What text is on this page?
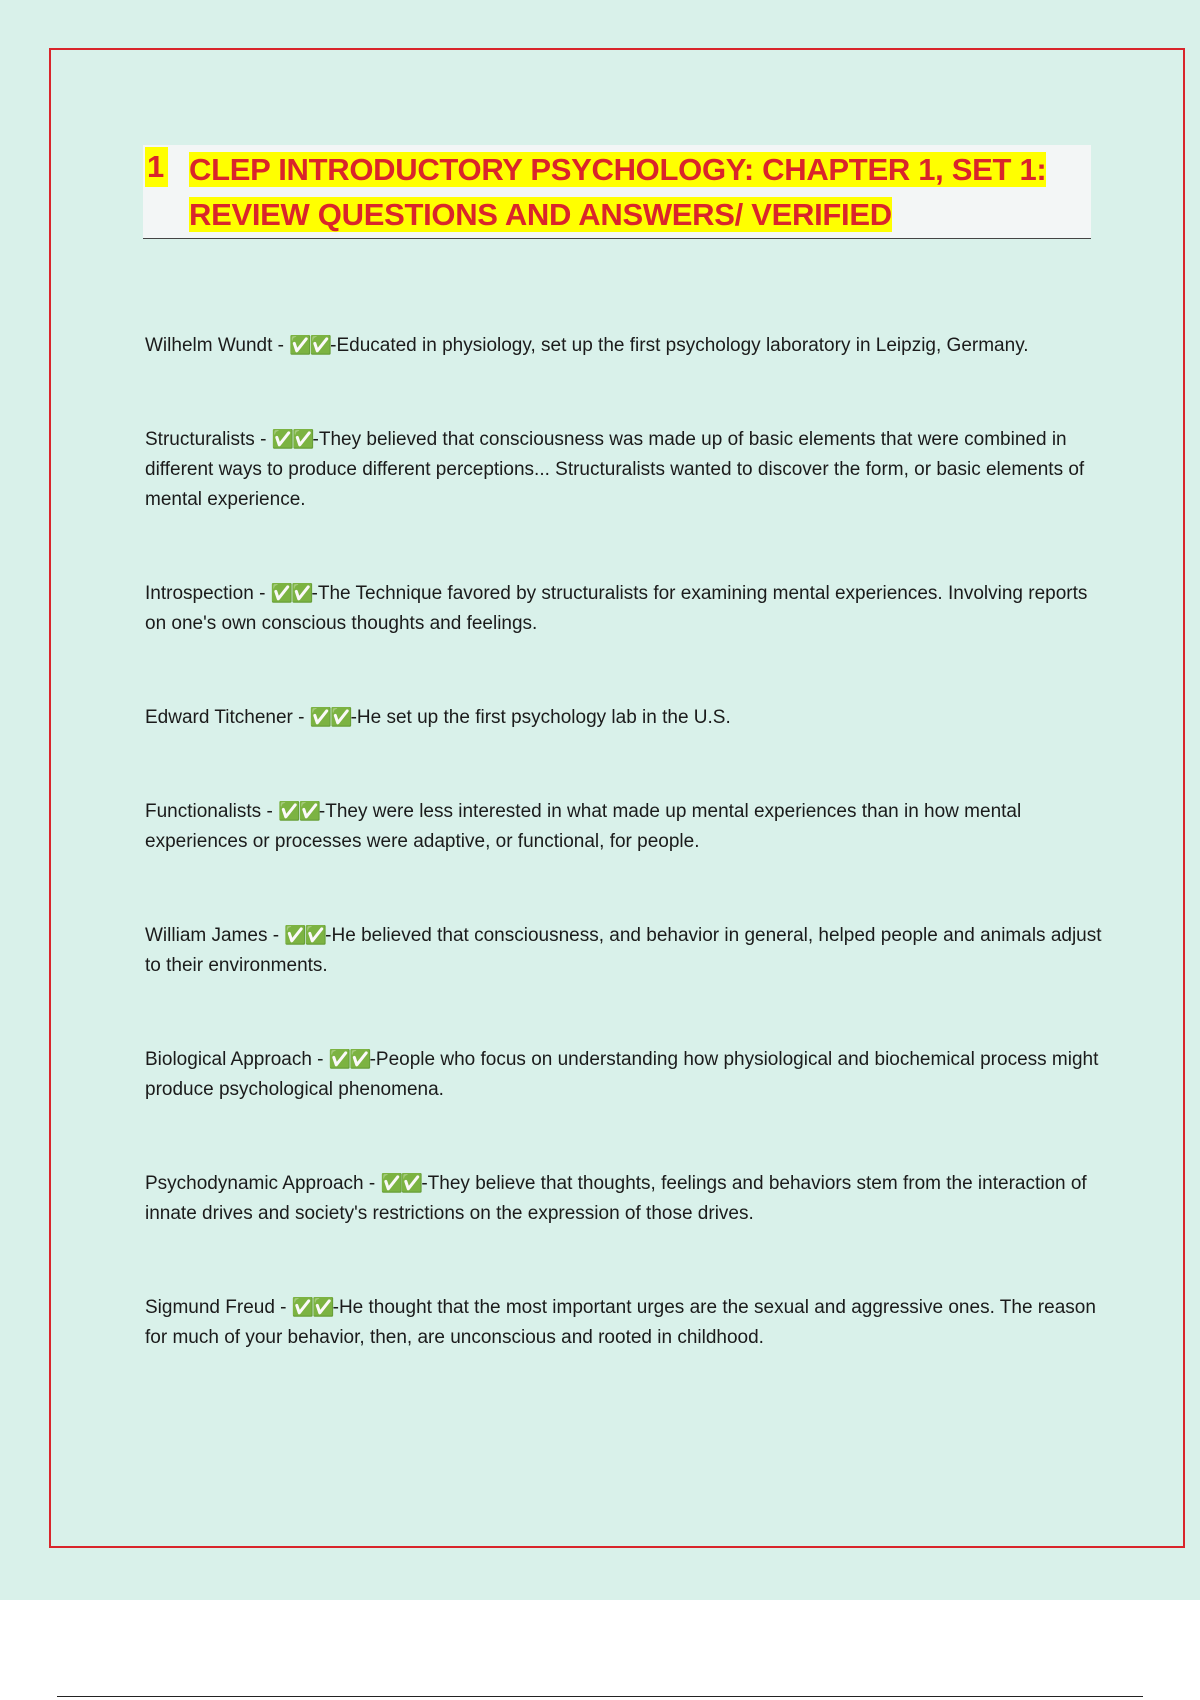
1 CLEP INTRODUCTORY PSYCHOLOGY: CHAPTER 1, SET 1:
REVIEW QUESTIONS AND ANSWERS/ VERIFIED
Wilhelm Wundt - ✅✅-Educated in physiology, set up the first psychology laboratory in Leipzig, Germany.
Structuralists - ✅✅-They believed that consciousness was made up of basic elements that were combined in different ways to produce different perceptions... Structuralists wanted to discover the form, or basic elements of mental experience.
Introspection - ✅✅-The Technique favored by structuralists for examining mental experiences. Involving reports on one's own conscious thoughts and feelings.
Edward Titchener - ✅✅-He set up the first psychology lab in the U.S.
Functionalists - ✅✅-They were less interested in what made up mental experiences than in how mental experiences or processes were adaptive, or functional, for people.
William James - ✅✅-He believed that consciousness, and behavior in general, helped people and animals adjust to their environments.
Biological Approach - ✅✅-People who focus on understanding how physiological and biochemical process might produce psychological phenomena.
Psychodynamic Approach - ✅✅-They believe that thoughts, feelings and behaviors stem from the interaction of innate drives and society's restrictions on the expression of those drives.
Sigmund Freud - ✅✅-He thought that the most important urges are the sexual and aggressive ones. The reason for much of your behavior, then, are unconscious and rooted in childhood.
